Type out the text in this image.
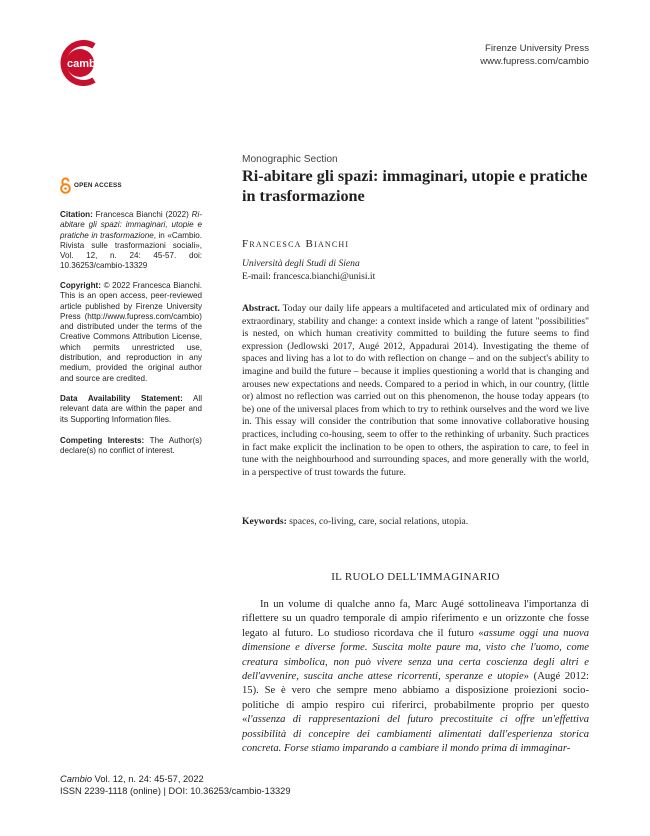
cambio
Firenze University Press
www.fupress.com/cambio
OPEN ACCESS
Citation: Francesca Bianchi (2022) Ri-abitare gli spazi: immaginari, utopie e pratiche in trasformazione, in «Cambio. Rivista sulle trasformazioni sociali», Vol. 12, n. 24: 45-57. doi: 10.36253/cambio-13329
Copyright: © 2022 Francesca Bianchi. This is an open access, peer-reviewed article published by Firenze University Press (http://www.fupress.com/cambio) and distributed under the terms of the Creative Commons Attribution License, which permits unrestricted use, distribution, and reproduction in any medium, provided the original author and source are credited.
Data Availability Statement: All relevant data are within the paper and its Supporting Information files.
Competing Interests: The Author(s) declare(s) no conflict of interest.
Monographic Section
Ri-abitare gli spazi: immaginari, utopie e pratiche in trasformazione
Francesca Bianchi
Università degli Studi di Siena
E-mail: francesca.bianchi@unisi.it

Abstract. Today our daily life appears a multifaceted and articulated mix of ordinary and extraordinary, stability and change: a context inside which a range of latent "possibilities" is nested, on which human creativity committed to building the future seems to find expression (Jedlowski 2017, Augé 2012, Appadurai 2014). Investigating the theme of spaces and living has a lot to do with reflection on change – and on the subject's ability to imagine and build the future – because it implies questioning a world that is changing and arouses new expectations and needs. Compared to a period in which, in our country, (little or) almost no reflection was carried out on this phenomenon, the house today appears (to be) one of the universal places from which to try to rethink ourselves and the word we live in. This essay will consider the contribution that some innovative collaborative housing practices, including co-housing, seem to offer to the rethinking of urbanity. Such practices in fact make explicit the inclination to be open to others, the aspiration to care, to feel in tune with the neighbourhood and surrounding spaces, and more generally with the world, in a perspective of trust towards the future.

Keywords: spaces, co-living, care, social relations, utopia.
IL RUOLO DELL'IMMAGINARIO

In un volume di qualche anno fa, Marc Augé sottolineava l'importanza di riflettere su un quadro temporale di ampio riferimento e un orizzonte che fosse legato al futuro. Lo studioso ricordava che il futuro «assume oggi una nuova dimensione e diverse forme. Suscita molte paure ma, visto che l'uomo, come creatura simbolica, non può vivere senza una certa coscienza degli altri e dell'avvenire, suscita anche attese ricorrenti, speranze e utopie» (Augé 2012: 15). Se è vero che sempre meno abbiamo a disposizione proiezioni socio-politiche di ampio respiro cui riferirci, probabilmente proprio per questo «l'assenza di rappresentazioni del futuro precostituite ci offre un'effettiva possibilità di concepire dei cambiamenti alimentati dall'esperienza storica concreta. Forse stiamo imparando a cambiare il mondo prima di immaginar-

Cambio Vol. 12, n. 24: 45-57, 2022
ISSN 2239-1118 (online) | DOI: 10.36253/cambio-13329
